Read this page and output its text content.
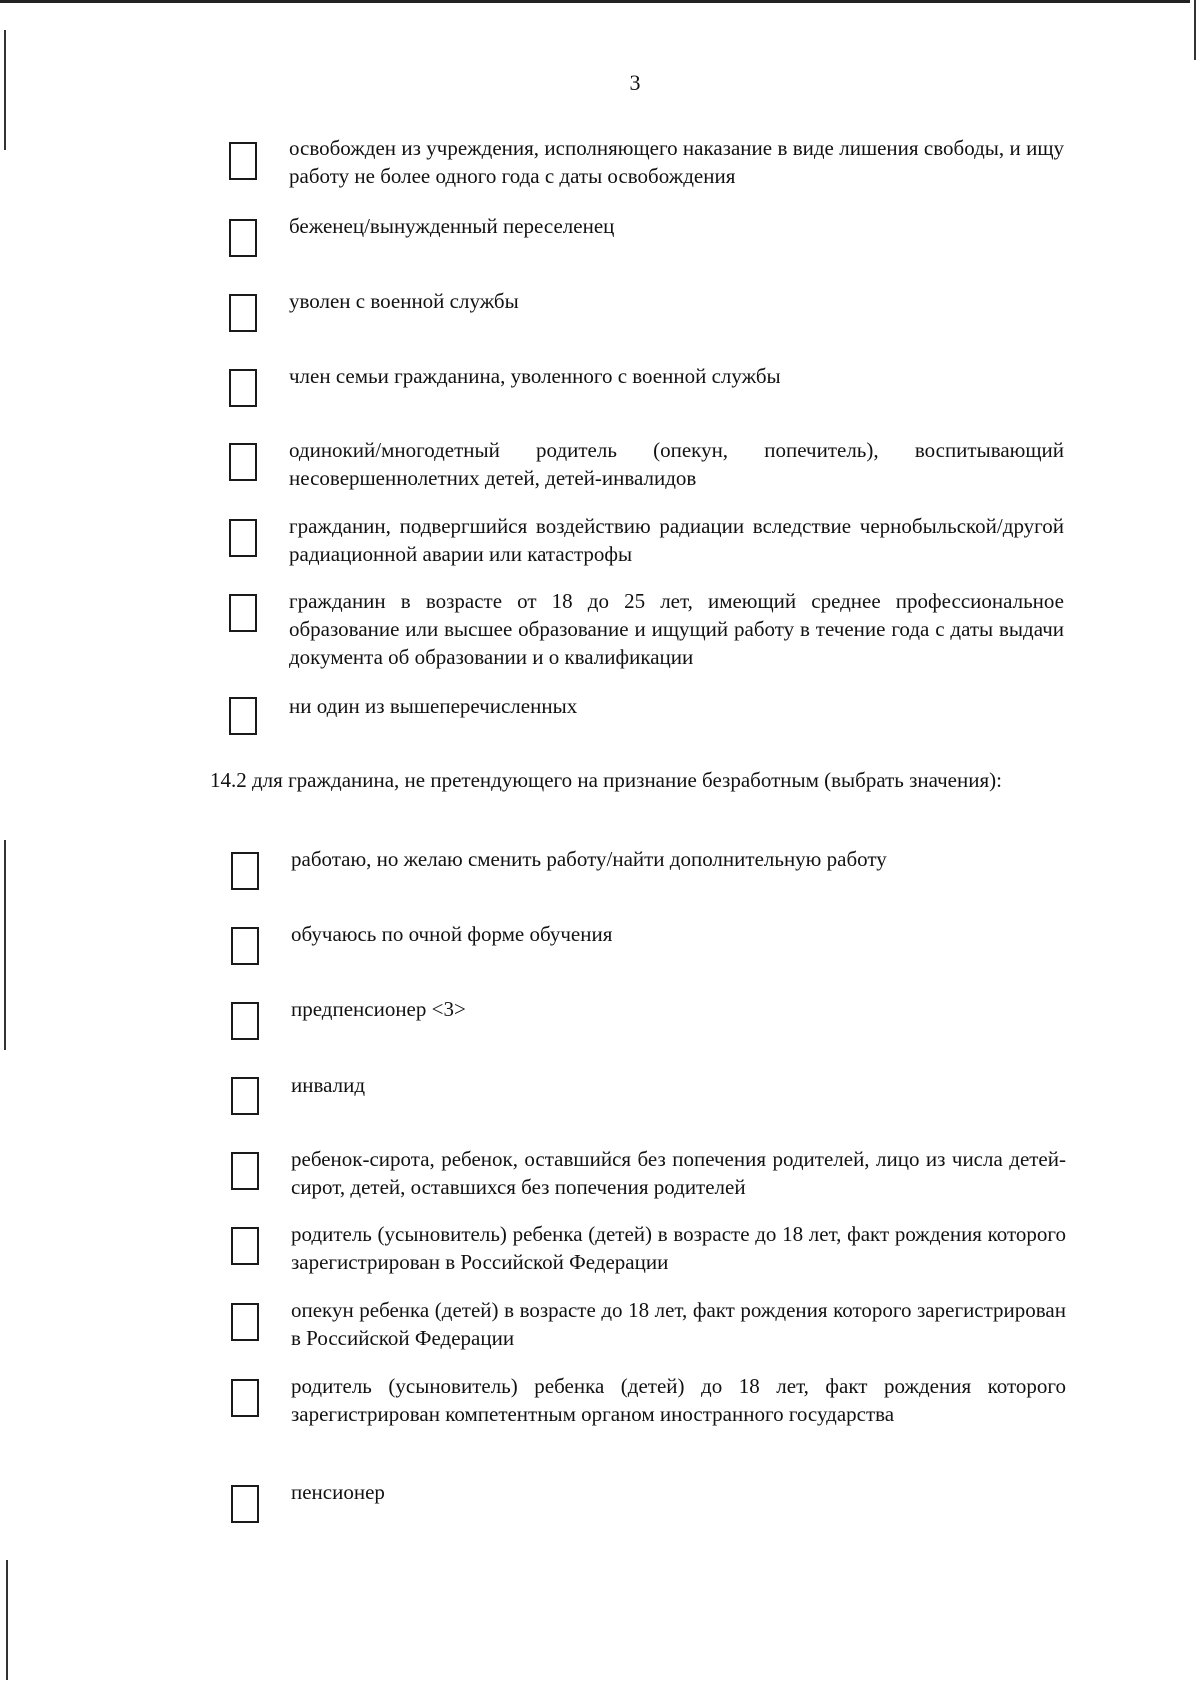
3
освобожден из учреждения, исполняющего наказание в виде лишения свободы, и ищу работу не более одного года с даты освобождения
беженец/вынужденный переселенец
уволен с военной службы
член семьи гражданина, уволенного с военной службы
одинокий/многодетный родитель (опекун, попечитель), воспитывающий несовершеннолетних детей, детей-инвалидов
гражданин, подвергшийся воздействию радиации вследствие чернобыльской/другой радиационной аварии или катастрофы
гражданин в возрасте от 18 до 25 лет, имеющий среднее профессиональное образование или высшее образование и ищущий работу в течение года с даты выдачи документа об образовании и о квалификации
ни один из вышеперечисленных
14.2 для гражданина, не претендующего на признание безработным (выбрать значения):
работаю, но желаю сменить работу/найти дополнительную работу
обучаюсь по очной форме обучения
предпенсионер <3>
инвалид
ребенок-сирота, ребенок, оставшийся без попечения родителей, лицо из числа детей-сирот, детей, оставшихся без попечения родителей
родитель (усыновитель) ребенка (детей) в возрасте до 18 лет, факт рождения которого зарегистрирован в Российской Федерации
опекун ребенка (детей) в возрасте до 18 лет, факт рождения которого зарегистрирован в Российской Федерации
родитель (усыновитель) ребенка (детей) до 18 лет, факт рождения которого зарегистрирован компетентным органом иностранного государства
пенсионер
